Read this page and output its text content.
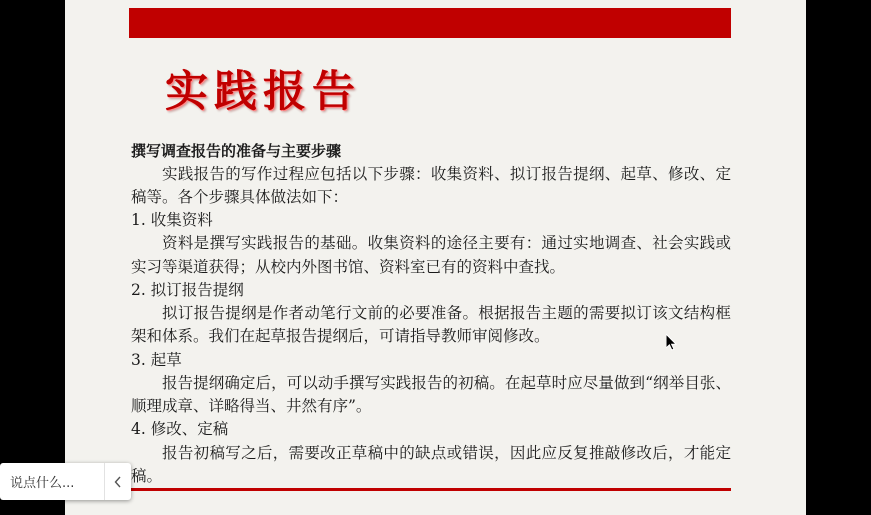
实践报告
撰写调查报告的准备与主要步骤
实践报告的写作过程应包括以下步骤：收集资料、拟订报告提纲、起草、修改、定稿等。各个步骤具体做法如下：
1. 收集资料
资料是撰写实践报告的基础。收集资料的途径主要有：通过实地调查、社会实践或实习等渠道获得；从校内外图书馆、资料室已有的资料中查找。
2. 拟订报告提纲
拟订报告提纲是作者动笔行文前的必要准备。根据报告主题的需要拟订该文结构框架和体系。我们在起草报告提纲后，可请指导教师审阅修改。
3. 起草
报告提纲确定后，可以动手撰写实践报告的初稿。在起草时应尽量做到“纲举目张、顺理成章、详略得当、井然有序”。
4. 修改、定稿
报告初稿写之后，需要改正草稿中的缺点或错误，因此应反复推敲修改后，才能定稿。
说点什么...
